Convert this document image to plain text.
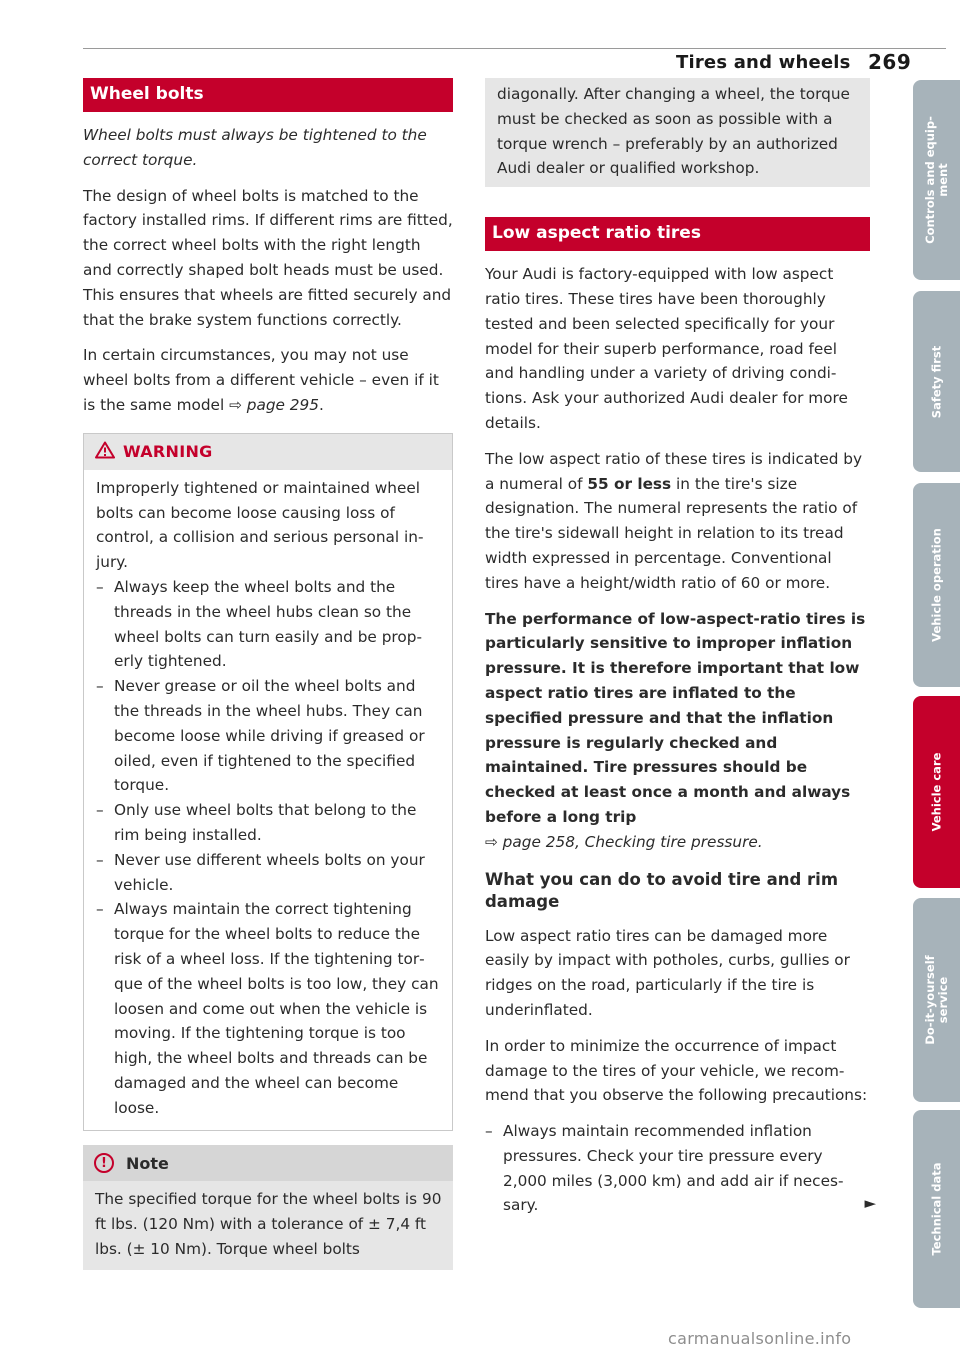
Tires and wheels 269
Wheel bolts

Wheel bolts must always be tightened to the correct torque.

The design of wheel bolts is matched to the factory installed rims. If different rims are fitted, the correct wheel bolts with the right length and correctly shaped bolt heads must be used. This ensures that wheels are fitted securely and that the brake system functions correctly.

In certain circumstances, you may not use wheel bolts from a different vehicle – even if it is the same model ⇨ page 295.

WARNING
Improperly tightened or maintained wheel bolts can become loose causing loss of control, a collision and serious personal injury.
– Always keep the wheel bolts and the threads in the wheel hubs clean so the wheel bolts can turn easily and be properly tightened.
– Never grease or oil the wheel bolts and the threads in the wheel hubs. They can become loose while driving if greased or oiled, even if tightened to the specified torque.
– Only use wheel bolts that belong to the rim being installed.
– Never use different wheels bolts on your vehicle.
– Always maintain the correct tightening torque for the wheel bolts to reduce the risk of a wheel loss. If the tightening torque of the wheel bolts is too low, they can loosen and come out when the vehicle is moving. If the tightening torque is too high, the wheel bolts and threads can be damaged and the wheel can become loose.
!	Note
The specified torque for the wheel bolts is 90 ft lbs. (120 Nm) with a tolerance of ± 7,4 ft lbs. (± 10 Nm). Torque wheel bolts
diagonally. After changing a wheel, the torque must be checked as soon as possible with a torque wrench – preferably by an authorized Audi dealer or qualified workshop.
Low aspect ratio tires

Your Audi is factory-equipped with low aspect ratio tires. These tires have been thoroughly tested and been selected specifically for your model for their superb performance, road feel and handling under a variety of driving conditions. Ask your authorized Audi dealer for more details.

The low aspect ratio of these tires is indicated by a numeral of 55 or less in the tire's size designation. The numeral represents the ratio of the tire's sidewall height in relation to its tread width expressed in percentage. Conventional tires have a height/width ratio of 60 or more.

The performance of low-aspect-ratio tires is particularly sensitive to improper inflation pressure. It is therefore important that low aspect ratio tires are inflated to the specified pressure and that the inflation pressure is regularly checked and maintained. Tire pressures should be checked at least once a month and always before a long trip
⇨ page 258, Checking tire pressure.

What you can do to avoid tire and rim damage

Low aspect ratio tires can be damaged more easily by impact with potholes, curbs, gullies or ridges on the road, particularly if the tire is underinflated.

In order to minimize the occurrence of impact damage to the tires of your vehicle, we recommend that you observe the following precautions:

– Always maintain recommended inflation pressures. Check your tire pressure every 2,000 miles (3,000 km) and add air if necessary.	►
Controls and equip-
ment
Safety first
Vehicle operation
Vehicle care
Do-it-yourself
service
Technical data
carmanualsonline.info
